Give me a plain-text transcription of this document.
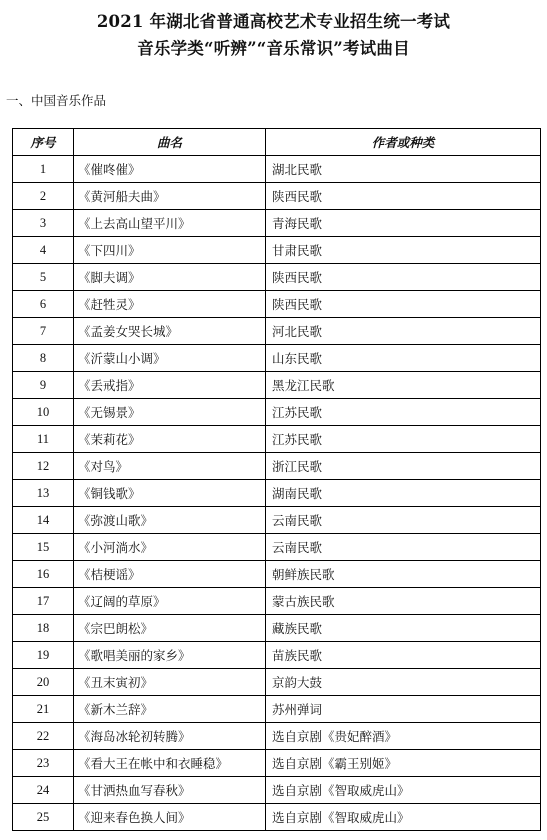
2021 年湖北省普通高校艺术专业招生统一考试
音乐学类“听辨”“音乐常识”考试曲目
一、中国音乐作品
序号	曲名	作者或种类
1	《催咚催》	湖北民歌
2	《黄河船夫曲》	陕西民歌
3	《上去高山望平川》	青海民歌
4	《下四川》	甘肃民歌
5	《脚夫调》	陕西民歌
6	《赶牲灵》	陕西民歌
7	《孟姜女哭长城》	河北民歌
8	《沂蒙山小调》	山东民歌
9	《丢戒指》	黑龙江民歌
10	《无锡景》	江苏民歌
11	《茉莉花》	江苏民歌
12	《对鸟》	浙江民歌
13	《铜钱歌》	湖南民歌
14	《弥渡山歌》	云南民歌
15	《小河淌水》	云南民歌
16	《桔梗谣》	朝鲜族民歌
17	《辽阔的草原》	蒙古族民歌
18	《宗巴朗松》	藏族民歌
19	《歌唱美丽的家乡》	苗族民歌
20	《丑末寅初》	京韵大鼓
21	《新木兰辞》	苏州弹词
22	《海岛冰轮初转腾》	选自京剧《贵妃醉酒》
23	《看大王在帐中和衣睡稳》	选自京剧《霸王别姬》
24	《甘洒热血写春秋》	选自京剧《智取威虎山》
25	《迎来春色换人间》	选自京剧《智取威虎山》
